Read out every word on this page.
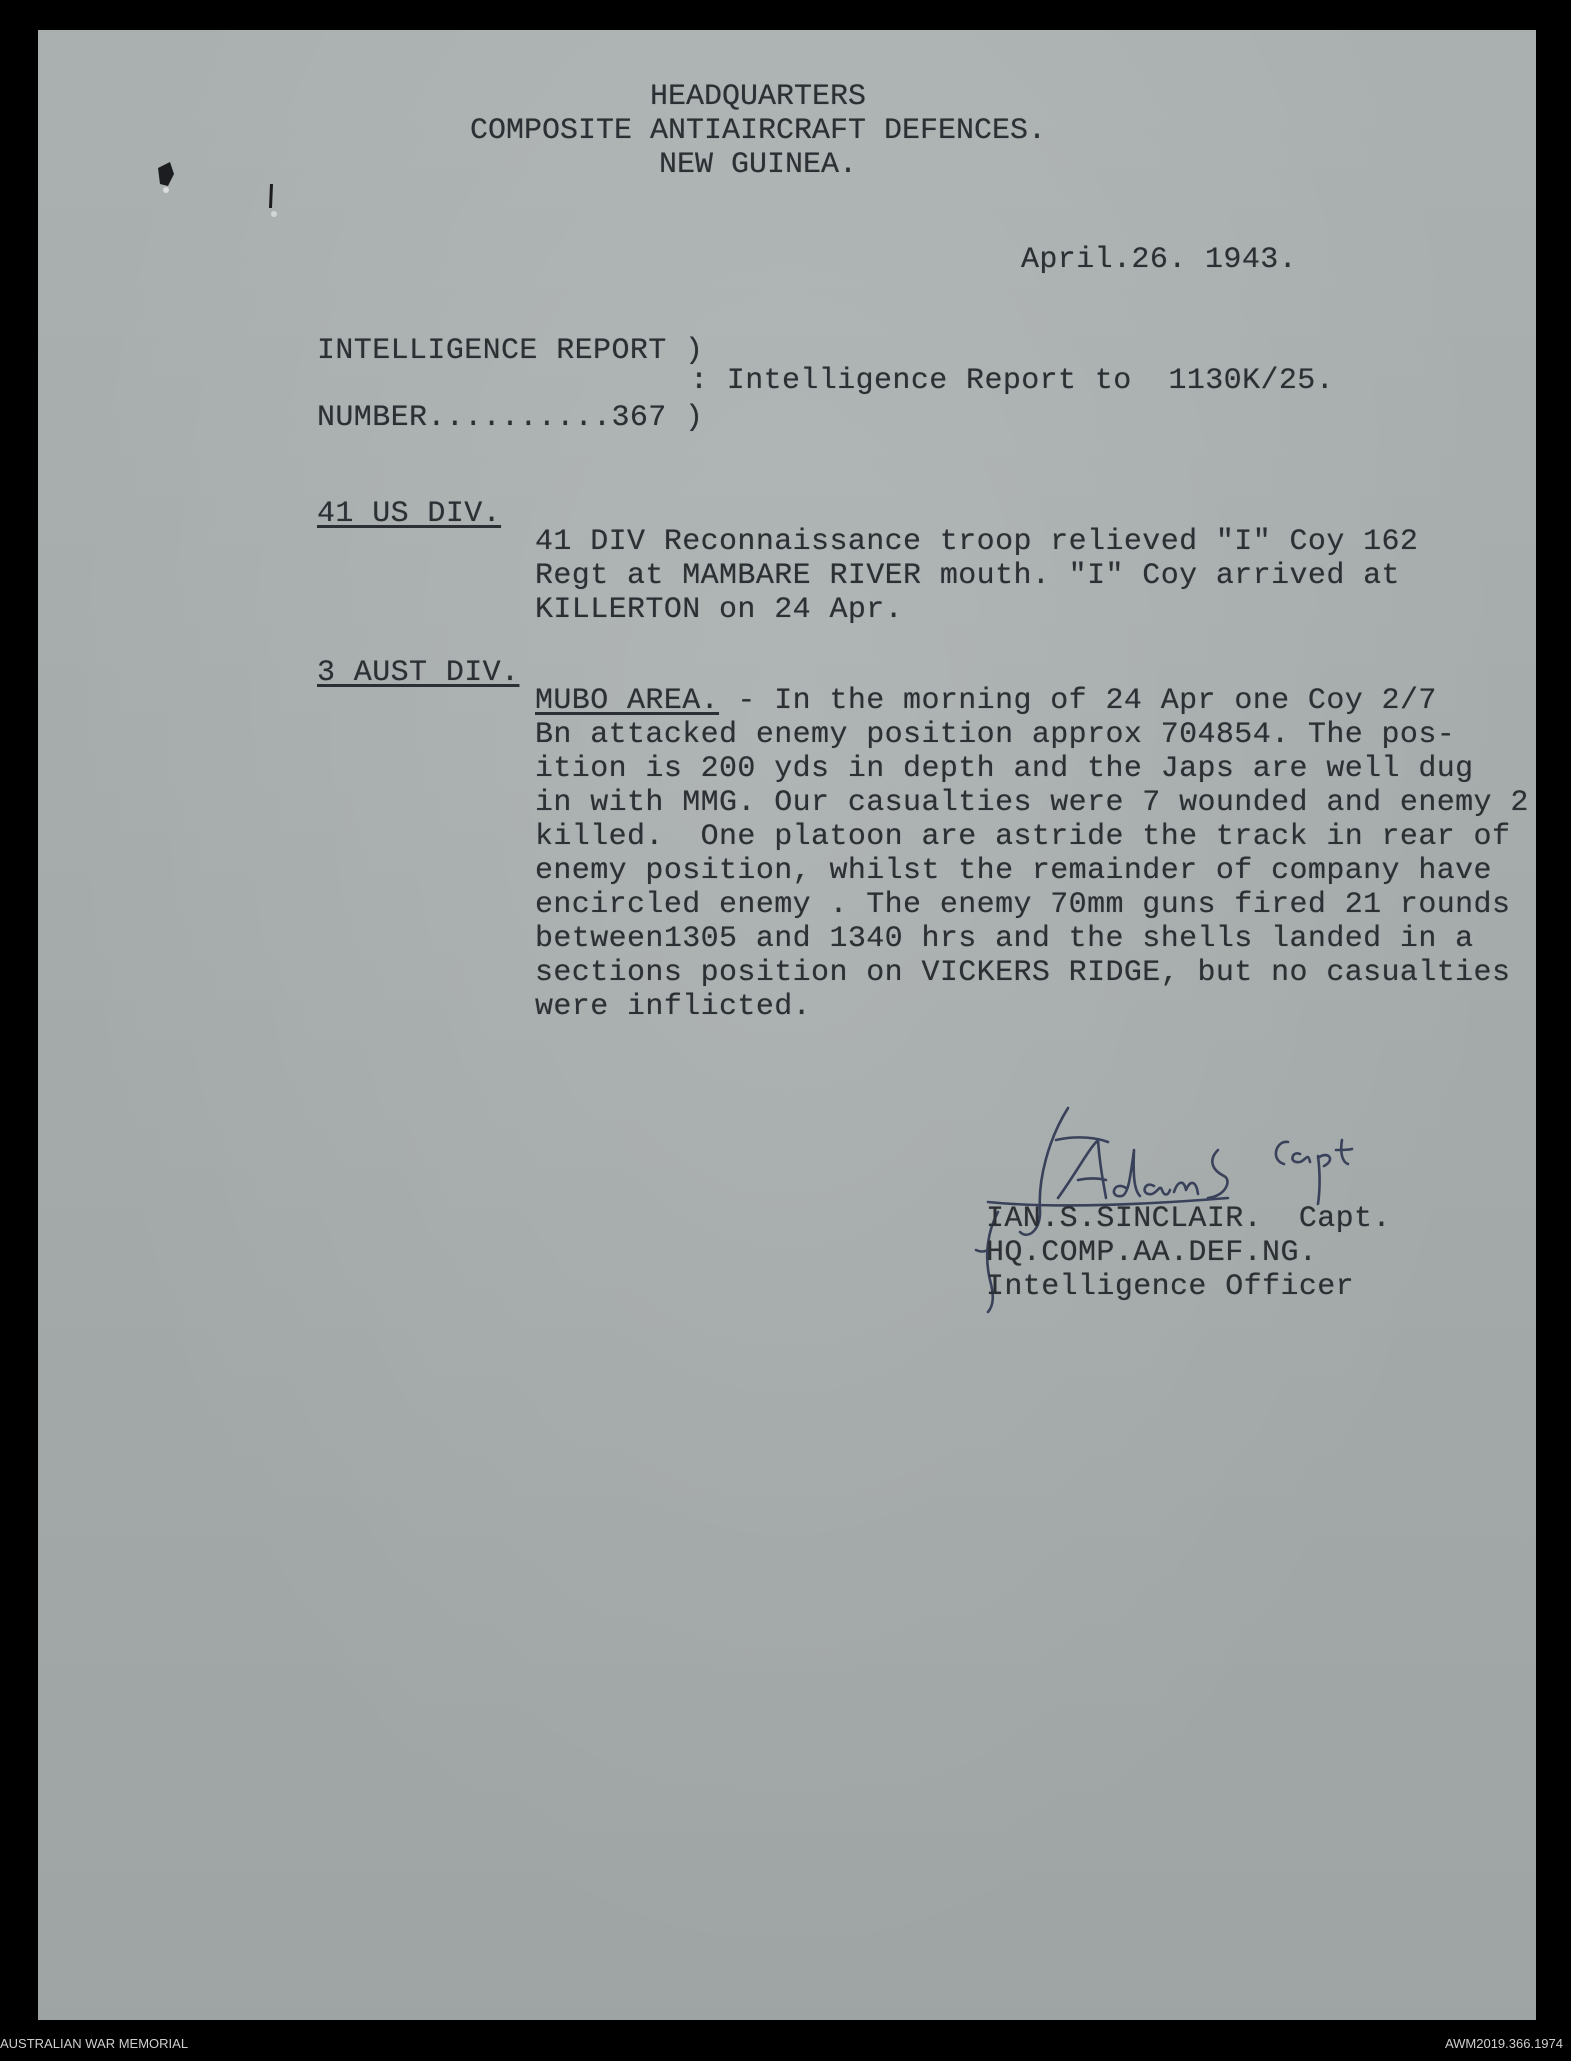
HEADQUARTERS
COMPOSITE ANTIAIRCRAFT DEFENCES.
NEW GUINEA.
April.26. 1943.
INTELLIGENCE REPORT )
: Intelligence Report to  1130K/25.
NUMBER..........367 )
41 US DIV.
41 DIV Reconnaissance troop relieved "I" Coy 162
Regt at MAMBARE RIVER mouth. "I" Coy arrived at
KILLERTON on 24 Apr.
3 AUST DIV.
MUBO AREA. - In the morning of 24 Apr one Coy 2/7
Bn attacked enemy position approx 704854. The pos-
ition is 200 yds in depth and the Japs are well dug
in with MMG. Our casualties were 7 wounded and enemy 2
killed.  One platoon are astride the track in rear of
enemy position, whilst the remainder of company have
encircled enemy . The enemy 70mm guns fired 21 rounds
between1305 and 1340 hrs and the shells landed in a
sections position on VICKERS RIDGE, but no casualties
were inflicted.
IAN.S.SINCLAIR.  Capt.
HQ.COMP.AA.DEF.NG.
Intelligence Officer
AUSTRALIAN WAR MEMORIAL	AWM2019.366.1974
